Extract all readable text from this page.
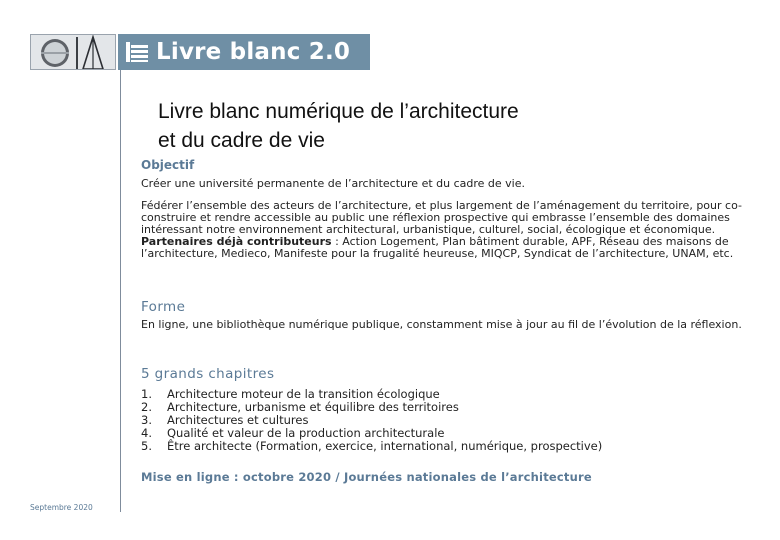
Livre blanc 2.0
Livre blanc numérique de l’architecture
et du cadre de vie
Objectif
Créer une université permanente de l’architecture et du cadre de vie.
Fédérer l’ensemble des acteurs de l’architecture, et plus largement de l’aménagement du territoire, pour co-construire et rendre accessible au public une réflexion prospective qui embrasse l’ensemble des domaines intéressant notre environnement architectural, urbanistique, culturel, social, écologique et économique.
Partenaires déjà contributeurs : Action Logement, Plan bâtiment durable, APF, Réseau des maisons de l’architecture, Medieco, Manifeste pour la frugalité heureuse, MIQCP, Syndicat de l’architecture, UNAM, etc.
Forme
En ligne, une bibliothèque numérique publique, constamment mise à jour au fil de l’évolution de la réflexion.
5 grands chapitres
1.	Architecture moteur de la transition écologique
2.	Architecture, urbanisme et équilibre des territoires
3.	Architectures et cultures
4.	Qualité et valeur de la production architecturale
5.	Être architecte (Formation, exercice, international, numérique, prospective)
Mise en ligne : octobre 2020 / Journées nationales de l’architecture
Septembre 2020
